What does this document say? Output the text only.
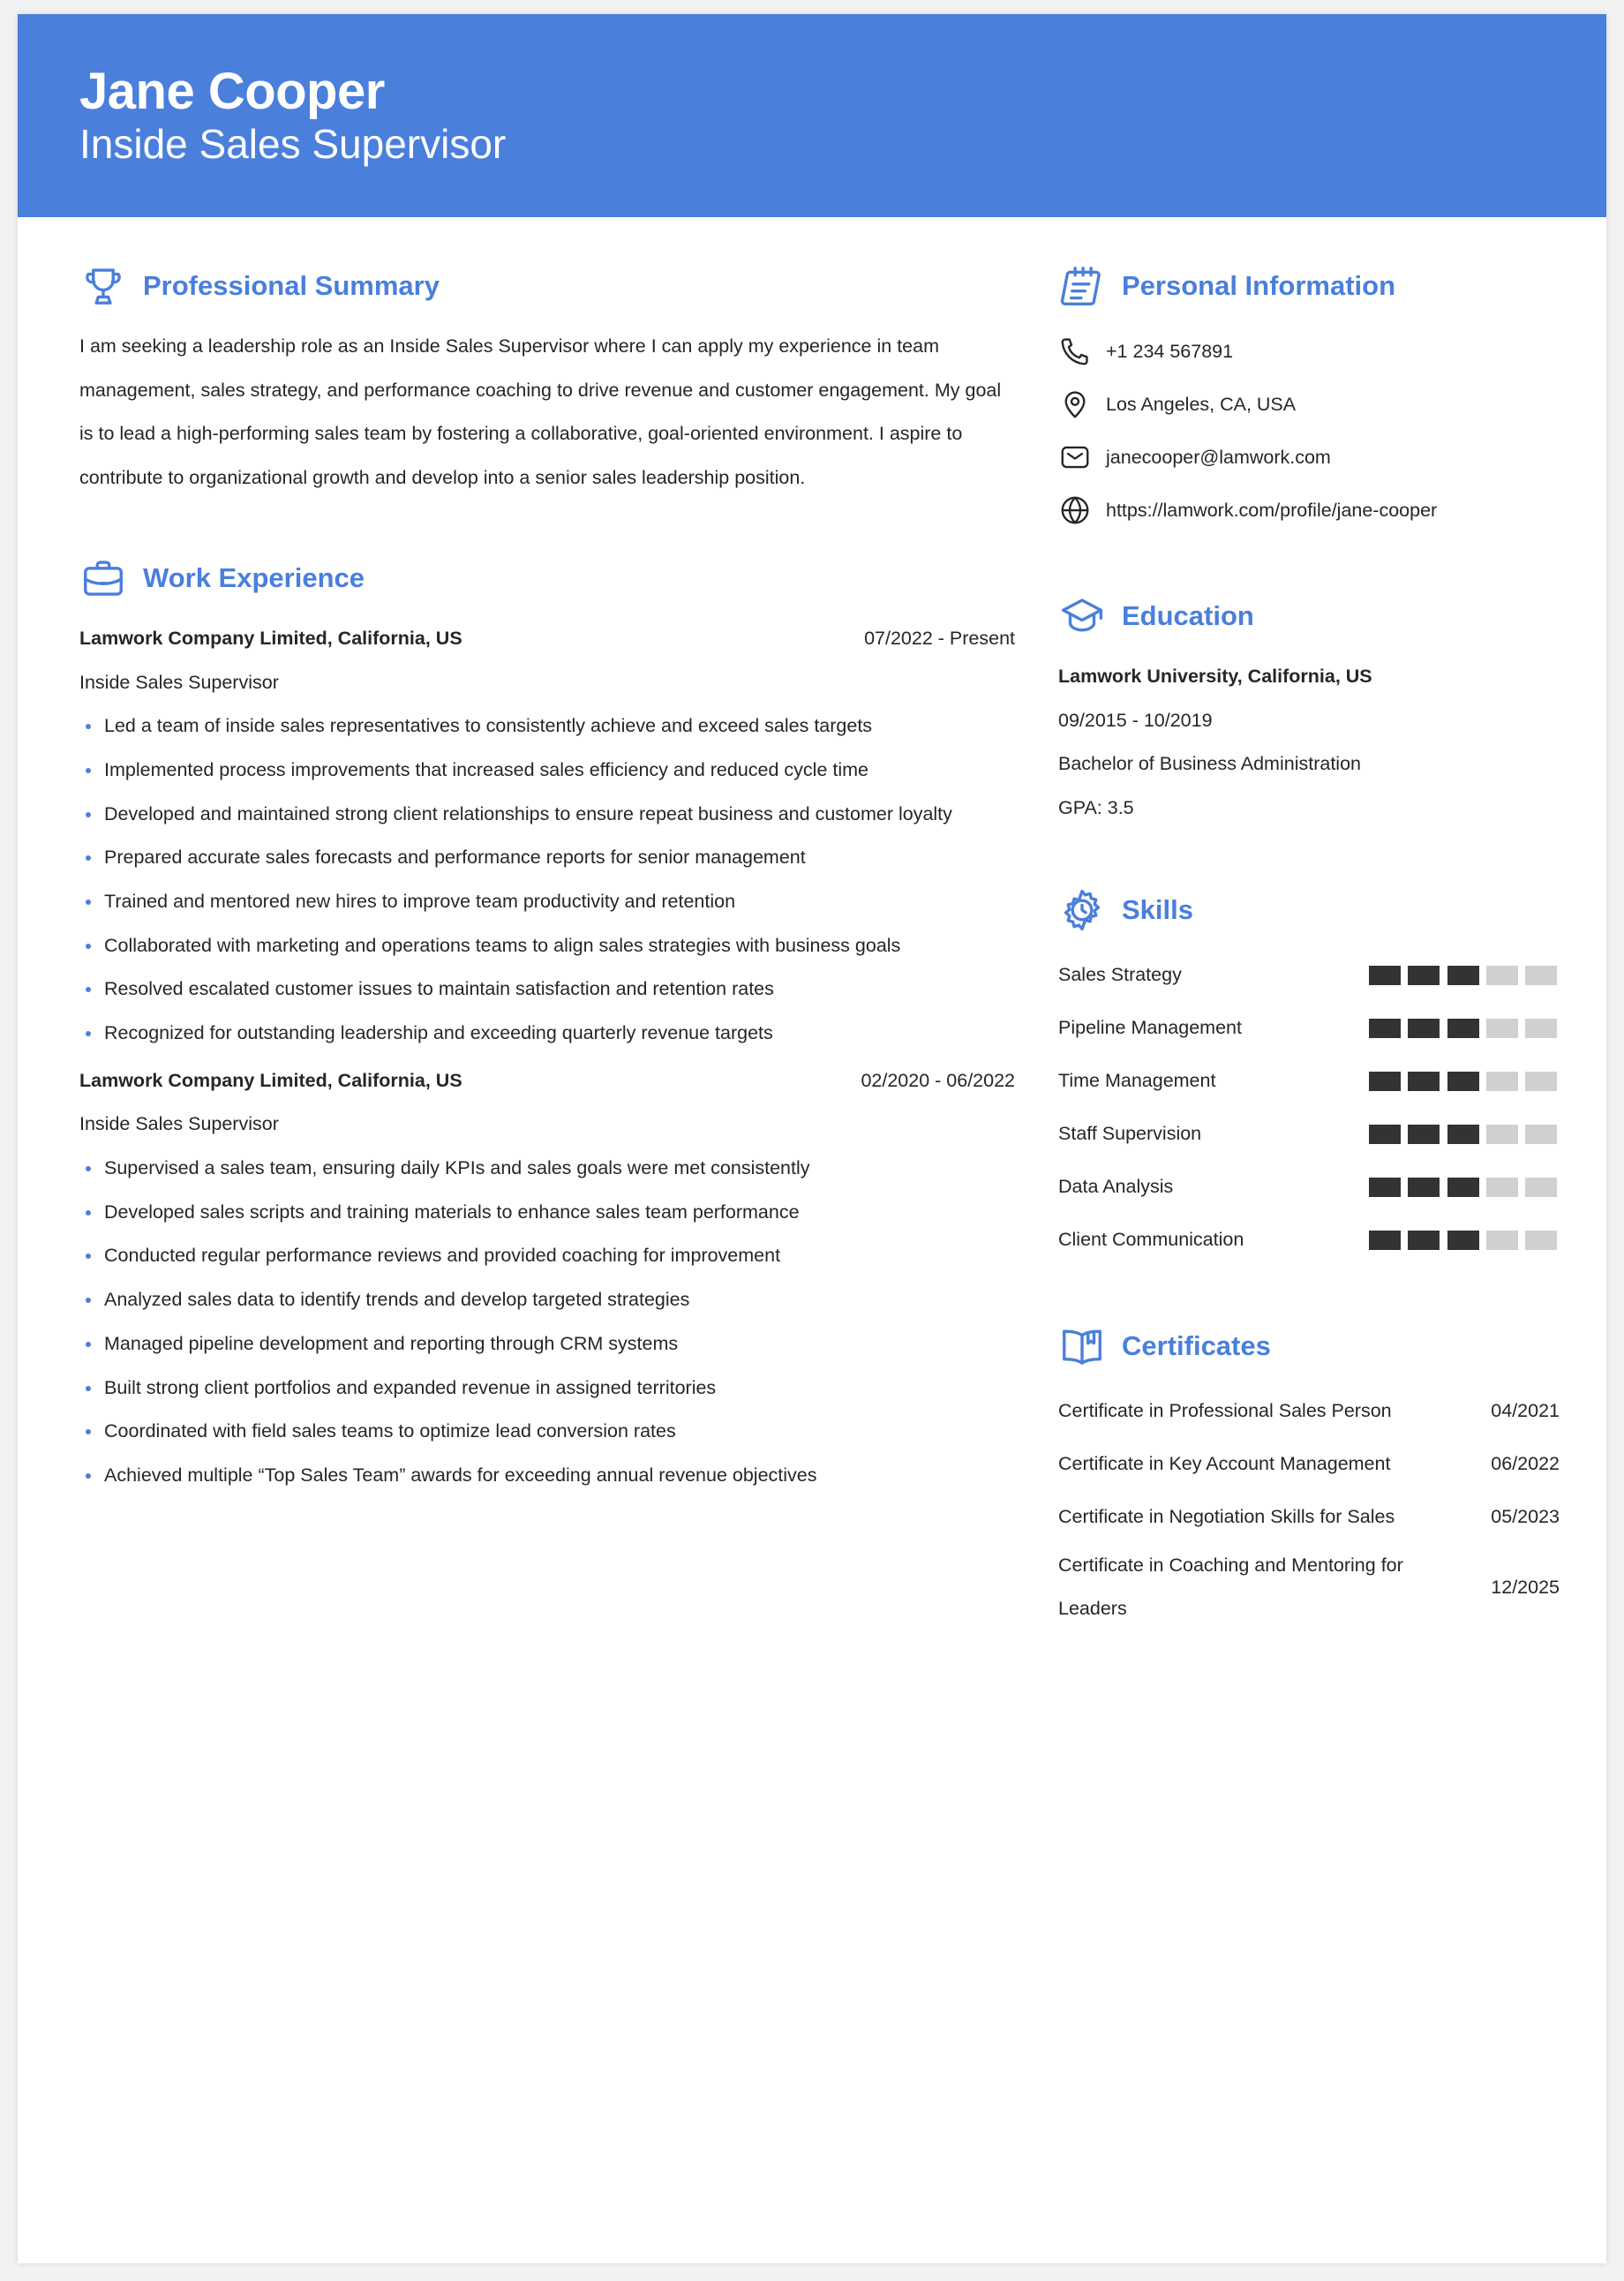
Jane Cooper
Inside Sales Supervisor
Professional Summary

I am seeking a leadership role as an Inside Sales Supervisor where I can apply my experience in team management, sales strategy, and performance coaching to drive revenue and customer engagement. My goal is to lead a high-performing sales team by fostering a collaborative, goal-oriented environment. I aspire to contribute to organizational growth and develop into a senior sales leadership position.

Work Experience
Lamwork Company Limited, California, US	07/2022 - Present
Inside Sales Supervisor
Led a team of inside sales representatives to consistently achieve and exceed sales targets
Implemented process improvements that increased sales efficiency and reduced cycle time
Developed and maintained strong client relationships to ensure repeat business and customer loyalty
Prepared accurate sales forecasts and performance reports for senior management
Trained and mentored new hires to improve team productivity and retention
Collaborated with marketing and operations teams to align sales strategies with business goals
Resolved escalated customer issues to maintain satisfaction and retention rates
Recognized for outstanding leadership and exceeding quarterly revenue targets
Lamwork Company Limited, California, US	02/2020 - 06/2022
Inside Sales Supervisor
Supervised a sales team, ensuring daily KPIs and sales goals were met consistently
Developed sales scripts and training materials to enhance sales team performance
Conducted regular performance reviews and provided coaching for improvement
Analyzed sales data to identify trends and develop targeted strategies
Managed pipeline development and reporting through CRM systems
Built strong client portfolios and expanded revenue in assigned territories
Coordinated with field sales teams to optimize lead conversion rates
Achieved multiple “Top Sales Team” awards for exceeding annual revenue objectives
Personal Information
+1 234 567891
Los Angeles, CA, USA
janecooper@lamwork.com
https://lamwork.com/profile/jane-cooper
Education
Lamwork University, California, US
09/2015 - 10/2019
Bachelor of Business Administration
GPA: 3.5
Skills
Sales Strategy
Pipeline Management
Time Management
Staff Supervision
Data Analysis
Client Communication
Certificates
Certificate in Professional Sales Person	04/2021
Certificate in Key Account Management	06/2022
Certificate in Negotiation Skills for Sales	05/2023
Certificate in Coaching and Mentoring for Leaders
12/2025
